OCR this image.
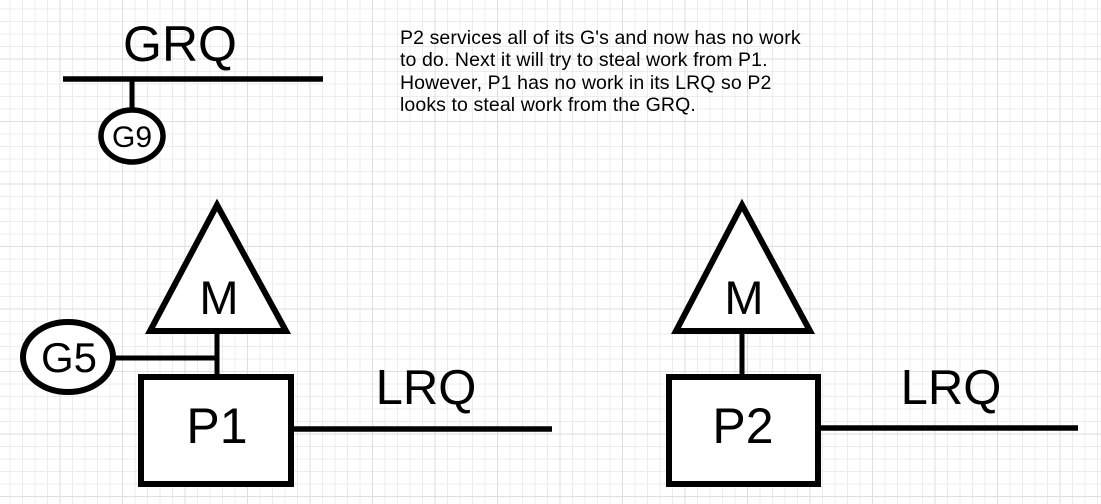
GRQ
G9
M
G5
P1
LRQ
M
P2
LRQ
P2 services all of its G's and now has no work
to do. Next it will try to steal work from P1.
However, P1 has no work in its LRQ so P2
looks to steal work from the GRQ.
